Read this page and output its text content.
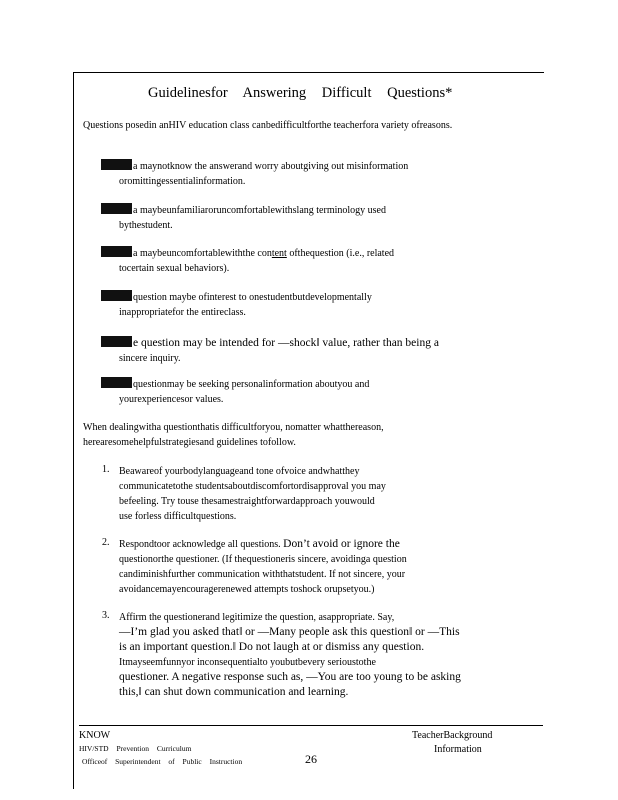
Guidelinesfor Answering Difficult Questions*
Questions posedin anHIV education class canbedifficultforthe teacherfora variety ofreasons.
a maynotknow the answerand worry aboutgiving out misinformation
oromittingessentialinformation.
a maybeunfamiliaroruncomfortablewithslang terminology used
bythestudent.
a maybeuncomfortablewiththe content ofthequestion (i.e., related
tocertain sexual behaviors).
question maybe ofinterest to onestudentbutdevelopmentally
inappropriatefor the entireclass.
e question may be intended for —shock‖ value, rather than being a
sincere inquiry.
questionmay be seeking personalinformation aboutyou and
yourexperiencesor values.
When dealingwitha questionthatis difficultforyou, nomatter whatthereason, herearesomehelpfulstrategiesand guidelines tofollow.
1. Beawareof yourbodylanguageand tone ofvoice andwhatthey
communicatetothe studentsaboutdiscomfortordisapproval you may
befeeling. Try touse thesamestraightforwardapproach youwould
use forless difficultquestions.
2. Respondtoor acknowledge all questions. Don’t avoid or ignore the
questionorthe questioner. (If thequestioneris sincere, avoidinga question
candiminishfurther communication withthatstudent. If not sincere, your
avoidancemayencouragerenewed attempts toshock orupsetyou.)
3. Affirm the questionerand legitimize the question, asappropriate. Say,
—I’m glad you asked that‖ or —Many people ask this question‖ or —This
is an important question.‖ Do not laugh at or dismiss any question.
Itmayseemfunnyor inconsequentialto youbutbevery serioustothe
questioner. A negative response such as, —You are too young to be asking
this,‖ can shut down communication and learning.
KNOW
HIV/STD Prevention Curriculum
Officeof Superintendent of Public Instruction	26
TeacherBackground
Information
